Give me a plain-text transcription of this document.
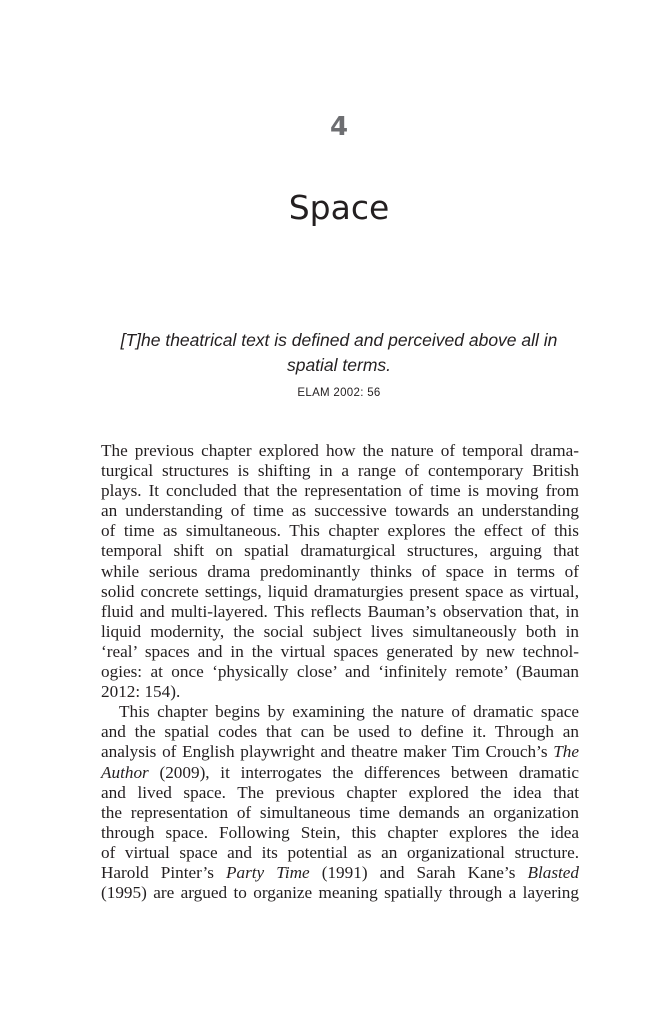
4
Space
[T]he theatrical text is defined and perceived above all in spatial terms.
ELAM 2002: 56
The previous chapter explored how the nature of temporal drama-
turgical structures is shifting in a range of contemporary British
plays. It concluded that the representation of time is moving from
an understanding of time as successive towards an understanding
of time as simultaneous. This chapter explores the effect of this
temporal shift on spatial dramaturgical structures, arguing that
while serious drama predominantly thinks of space in terms of
solid concrete settings, liquid dramaturgies present space as virtual,
fluid and multi-layered. This reflects Bauman’s observation that, in
liquid modernity, the social subject lives simultaneously both in
‘real’ spaces and in the virtual spaces generated by new technol-
ogies: at once ‘physically close’ and ‘infinitely remote’ (Bauman
2012: 154).
This chapter begins by examining the nature of dramatic space
and the spatial codes that can be used to define it. Through an
analysis of English playwright and theatre maker Tim Crouch’s The
Author (2009), it interrogates the differences between dramatic
and lived space. The previous chapter explored the idea that
the representation of simultaneous time demands an organization
through space. Following Stein, this chapter explores the idea
of virtual space and its potential as an organizational structure.
Harold Pinter’s Party Time (1991) and Sarah Kane’s Blasted
(1995) are argued to organize meaning spatially through a layering
